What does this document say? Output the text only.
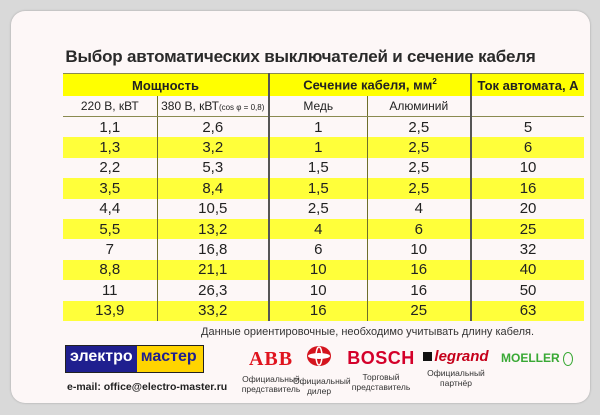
Выбор автоматических выключателей и сечение кабеля
Мощность		Сечение кабеля, $мм^2$		Ток автомата, А
220 В, кВТ	380 В, кВТ(cos φ = 0,8)	Медь	Алюминий	
1,1	2,6	1	2,5	5
1,3	3,2	1	2,5	6
2,2	5,3	1,5	2,5	10
3,5	8,4	1,5	2,5	16
4,4	10,5	2,5	4	20
5,5	13,2	4	6	25
7	16,8	6	10	32
8,8	21,1	10	16	40
11	26,3	10	16	50
13,9	33,2	16	25	63
Данные ориентировочные, необходимо учитывать длину кабеля.
электро мастер
e-mail: office@electro-master.ru
ABB
Официальный
представитель
Официальный
дилер
BOSCH
Торговый
представитель
legrand
Официальный
партнёр
MOELLER
